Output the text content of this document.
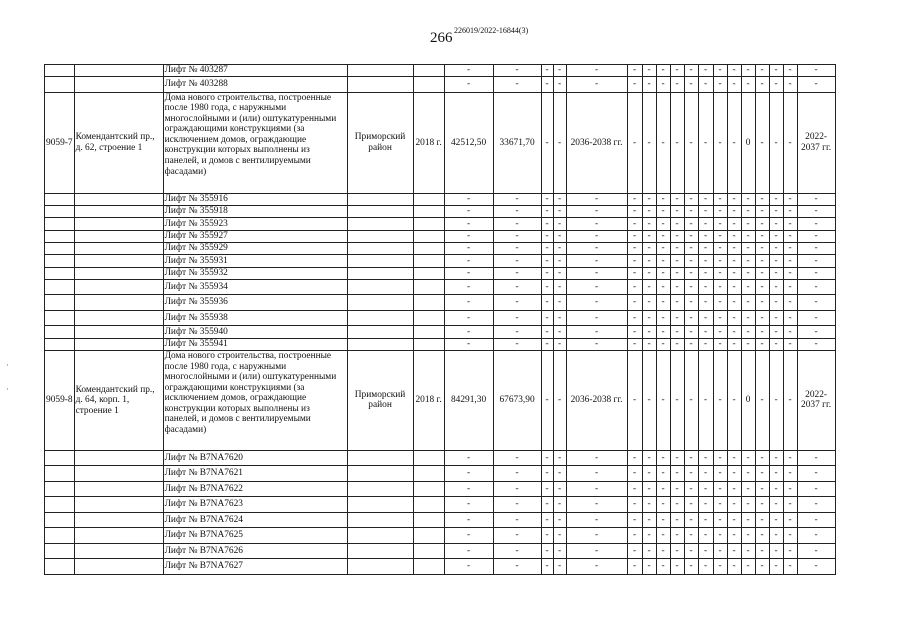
266 226019/2022-16844(3)
·
·
		Лифт № 403287			-	-	-	-	-	-	-	-	-	-	-	-	-	-	-	-	-	-
		Лифт № 403288			-	-	-	-	-	-	-	-	-	-	-	-	-	-	-	-	-	-
9059-7	Комендантский пр., д. 62, строение 1	Дома нового строительства, построенные после 1980 года, с наружными многослойными и (или) оштукатуренными ограждающими конструкциями (за исключением домов, ограждающие конструкции которых выполнены из панелей, и домов с вентилируемыми фасадами)	Приморский район	2018 г.	42512,50	33671,70	-	-	2036-2038 гг.	-	-	-	-	-	-	-	-	0	-	-	-	2022-2037 гг.
		Лифт № 355916			-	-	-	-	-	-	-	-	-	-	-	-	-	-	-	-	-	-
		Лифт № 355918			-	-	-	-	-	-	-	-	-	-	-	-	-	-	-	-	-	-
		Лифт № 355923			-	-	-	-	-	-	-	-	-	-	-	-	-	-	-	-	-	-
		Лифт № 355927			-	-	-	-	-	-	-	-	-	-	-	-	-	-	-	-	-	-
		Лифт № 355929			-	-	-	-	-	-	-	-	-	-	-	-	-	-	-	-	-	-
		Лифт № 355931			-	-	-	-	-	-	-	-	-	-	-	-	-	-	-	-	-	-
		Лифт № 355932			-	-	-	-	-	-	-	-	-	-	-	-	-	-	-	-	-	-
		Лифт № 355934			-	-	-	-	-	-	-	-	-	-	-	-	-	-	-	-	-	-
		Лифт № 355936			-	-	-	-	-	-	-	-	-	-	-	-	-	-	-	-	-	-
		Лифт № 355938			-	-	-	-	-	-	-	-	-	-	-	-	-	-	-	-	-	-
		Лифт № 355940			-	-	-	-	-	-	-	-	-	-	-	-	-	-	-	-	-	-
		Лифт № 355941			-	-	-	-	-	-	-	-	-	-	-	-	-	-	-	-	-	-
9059-8	Комендантский пр., д. 64, корп. 1, строение 1	Дома нового строительства, построенные после 1980 года, с наружными многослойными и (или) оштукатуренными ограждающими конструкциями (за исключением домов, ограждающие конструкции которых выполнены из панелей, и домов с вентилируемыми фасадами)	Приморский район	2018 г.	84291,30	67673,90	-	-	2036-2038 гг.	-	-	-	-	-	-	-	-	0	-	-	-	2022-2037 гг.
		Лифт № B7NA7620			-	-	-	-	-	-	-	-	-	-	-	-	-	-	-	-	-	-
		Лифт № B7NA7621			-	-	-	-	-	-	-	-	-	-	-	-	-	-	-	-	-	-
		Лифт № B7NA7622			-	-	-	-	-	-	-	-	-	-	-	-	-	-	-	-	-	-
		Лифт № B7NA7623			-	-	-	-	-	-	-	-	-	-	-	-	-	-	-	-	-	-
		Лифт № B7NA7624			-	-	-	-	-	-	-	-	-	-	-	-	-	-	-	-	-	-
		Лифт № B7NA7625			-	-	-	-	-	-	-	-	-	-	-	-	-	-	-	-	-	-
		Лифт № B7NA7626			-	-	-	-	-	-	-	-	-	-	-	-	-	-	-	-	-	-
		Лифт № B7NA7627			-	-	-	-	-	-	-	-	-	-	-	-	-	-	-	-	-	-
